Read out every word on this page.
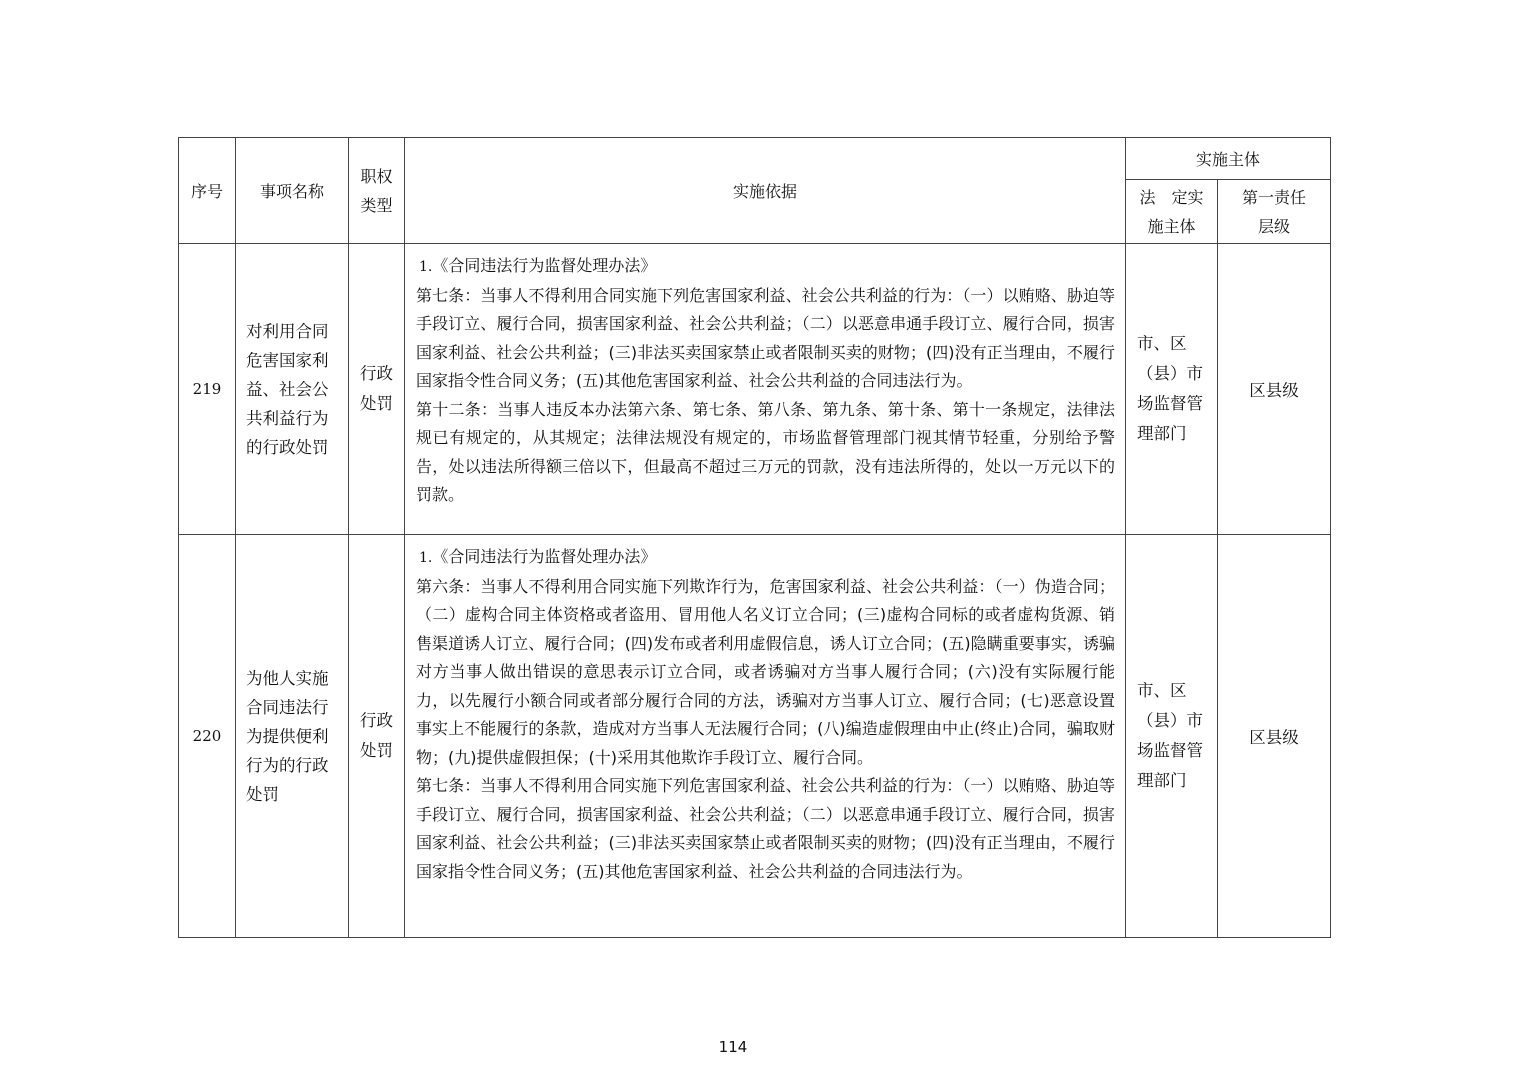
序号	事项名称	职权类型	实施依据	实施主体	
				法　定实施主体	第一责任层级
219	对利用合同危害国家利益、社会公共利益行为的行政处罚	行政处罚	1.《合同违法行为监督处理办法》
第七条：当事人不得利用合同实施下列危害国家利益、社会公共利益的行为：（一）以贿赂、胁迫等手段订立、履行合同，损害国家利益、社会公共利益；（二）以恶意串通手段订立、履行合同，损害国家利益、社会公共利益；(三)非法买卖国家禁止或者限制买卖的财物；(四)没有正当理由，不履行国家指令性合同义务；(五)其他危害国家利益、社会公共利益的合同违法行为。
第十二条：当事人违反本办法第六条、第七条、第八条、第九条、第十条、第十一条规定，法律法规已有规定的，从其规定；法律法规没有规定的，市场监督管理部门视其情节轻重，分别给予警告，处以违法所得额三倍以下，但最高不超过三万元的罚款，没有违法所得的，处以一万元以下的罚款。	市、区（县）市场监督管理部门	区县级
220	为他人实施合同违法行为提供便利行为的行政处罚	行政处罚	1.《合同违法行为监督处理办法》
第六条：当事人不得利用合同实施下列欺诈行为，危害国家利益、社会公共利益：（一）伪造合同；（二）虚构合同主体资格或者盗用、冒用他人名义订立合同；(三)虚构合同标的或者虚构货源、销售渠道诱人订立、履行合同；(四)发布或者利用虚假信息，诱人订立合同；(五)隐瞒重要事实，诱骗对方当事人做出错误的意思表示订立合同，或者诱骗对方当事人履行合同；(六)没有实际履行能力，以先履行小额合同或者部分履行合同的方法，诱骗对方当事人订立、履行合同；(七)恶意设置事实上不能履行的条款，造成对方当事人无法履行合同；(八)编造虚假理由中止(终止)合同，骗取财物；(九)提供虚假担保；(十)采用其他欺诈手段订立、履行合同。
第七条：当事人不得利用合同实施下列危害国家利益、社会公共利益的行为：（一）以贿赂、胁迫等手段订立、履行合同，损害国家利益、社会公共利益；（二）以恶意串通手段订立、履行合同，损害国家利益、社会公共利益；(三)非法买卖国家禁止或者限制买卖的财物；(四)没有正当理由，不履行国家指令性合同义务；(五)其他危害国家利益、社会公共利益的合同违法行为。	市、区（县）市场监督管理部门	区县级
114
